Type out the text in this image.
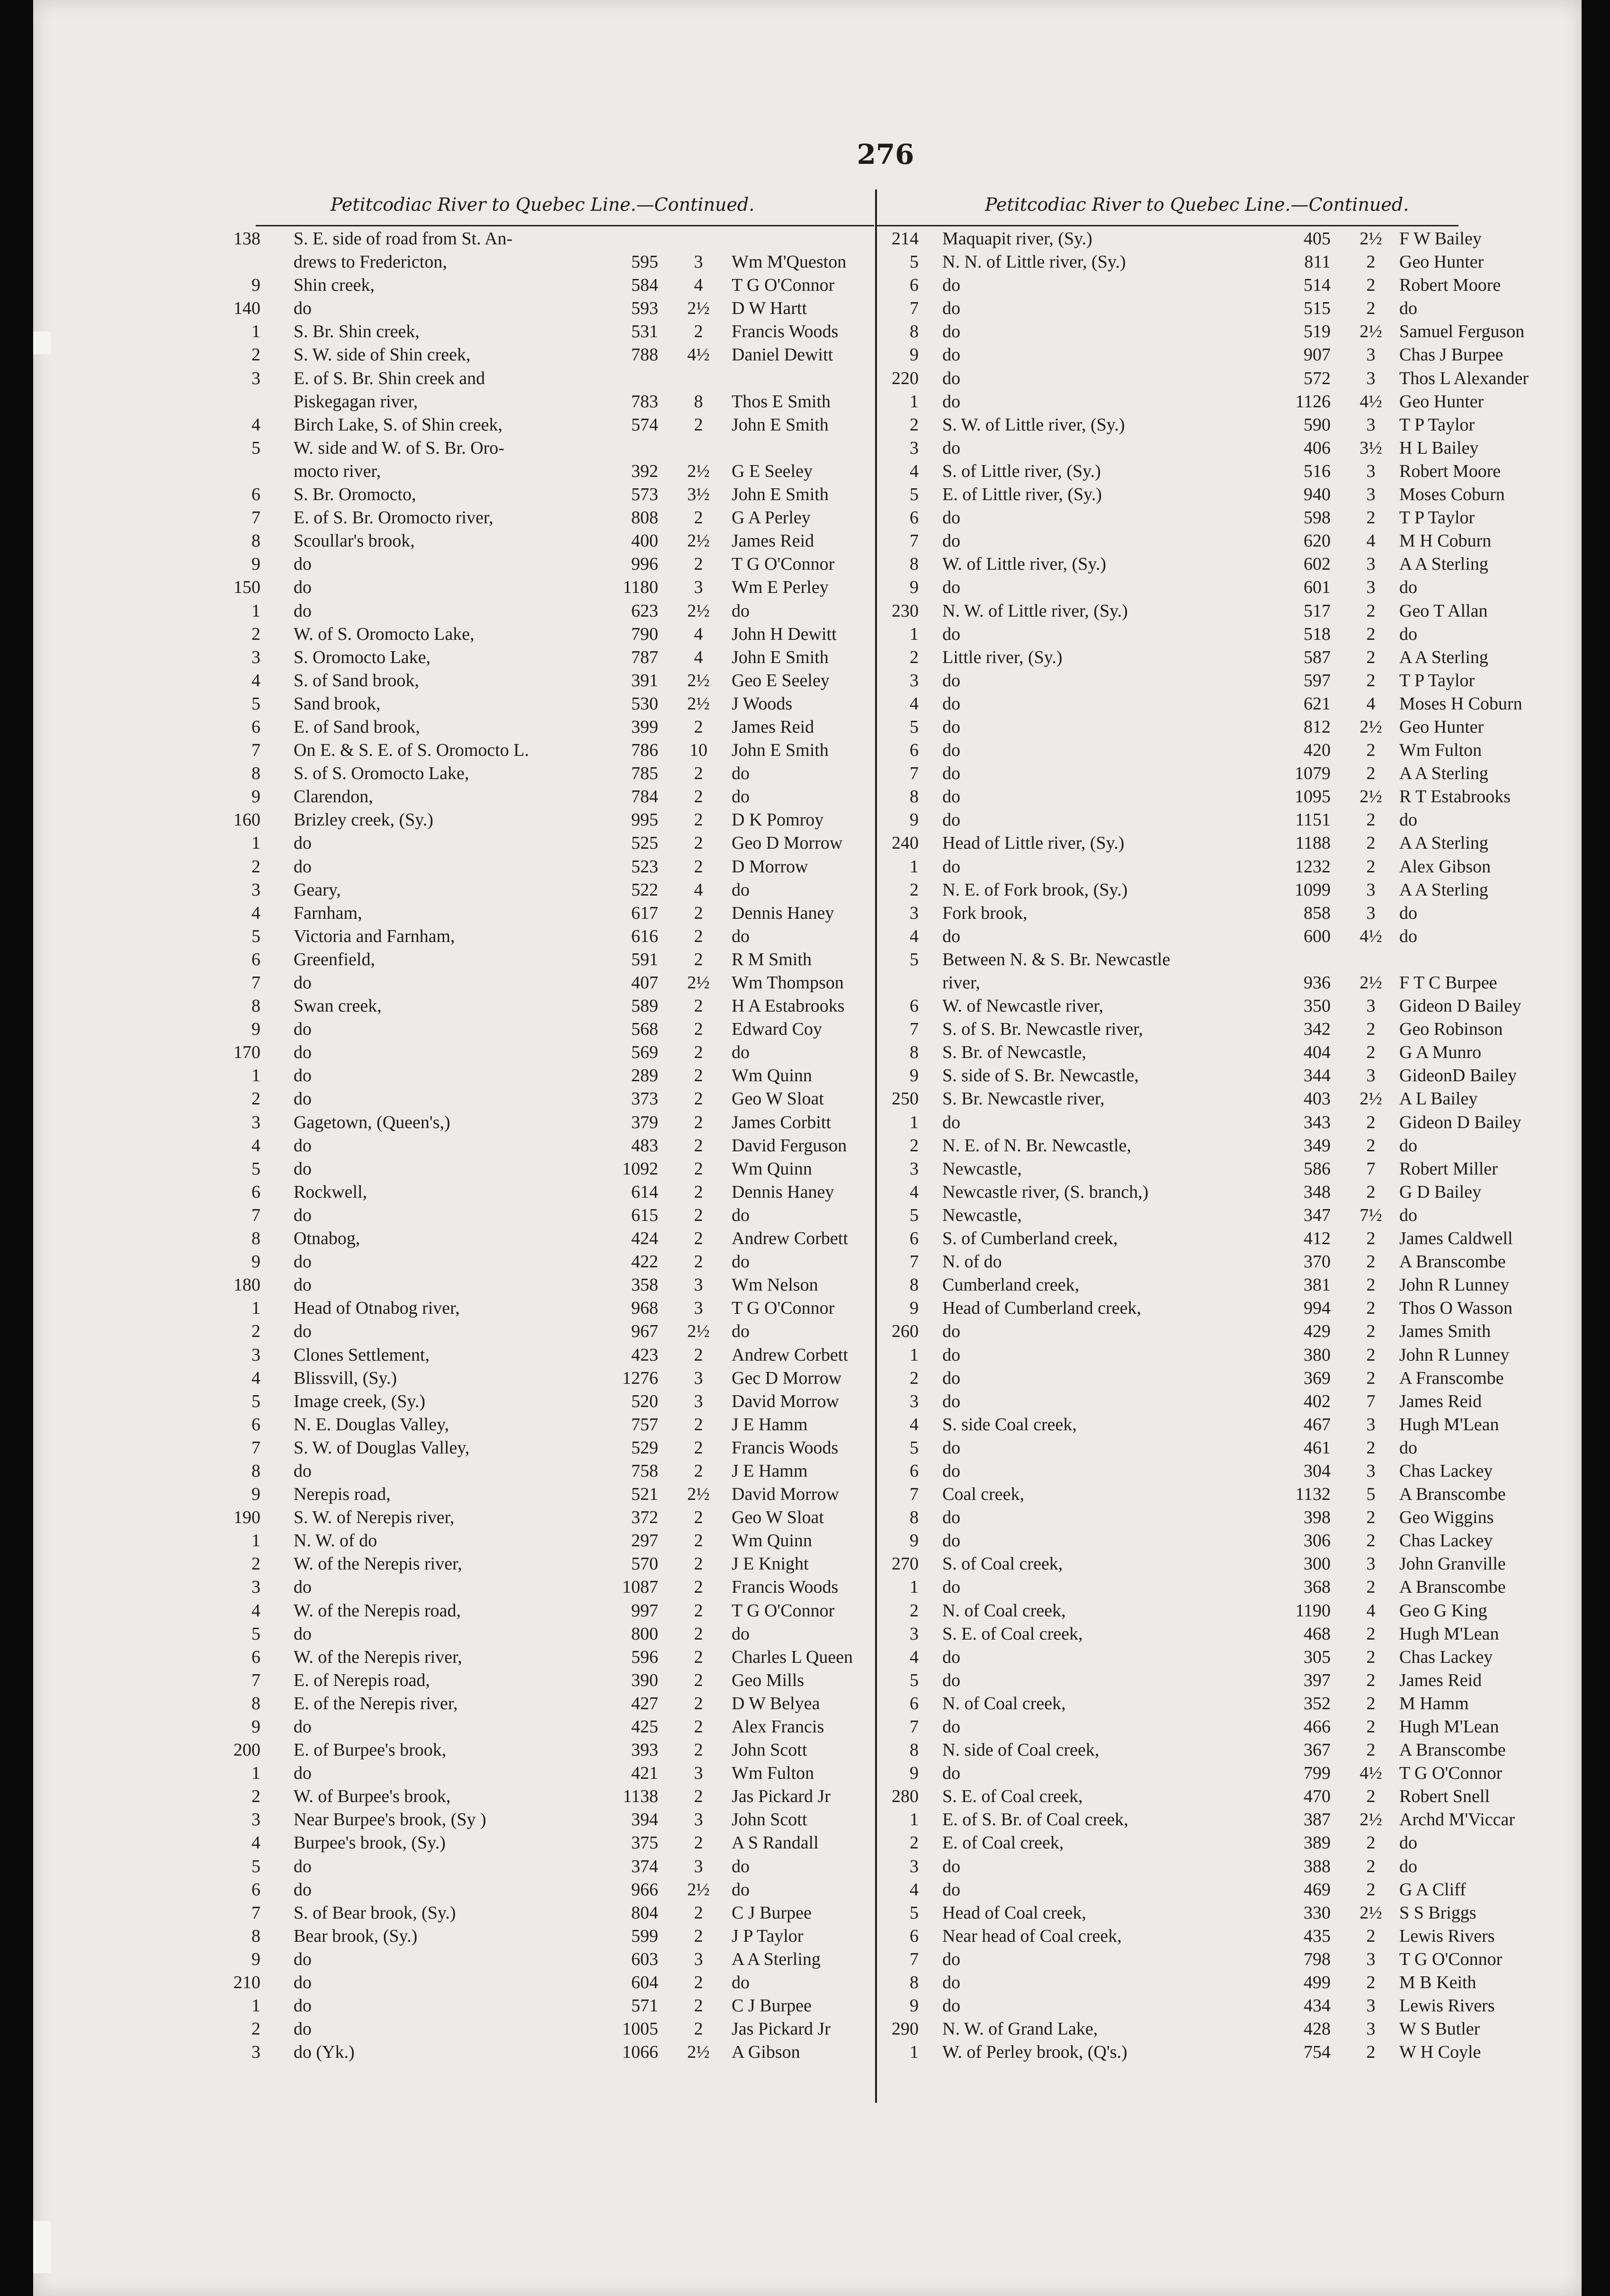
276
Petitcodiac River to Quebec Line.—Continued.	Petitcodiac River to Quebec Line.—Continued.
138 S. E. side of road from St. An-
drews to Fredericton,	595	3	Wm M'Queston
9 Shin creek,	584	4	T G O'Connor
140 do	593 2½ D W Hartt
1 S. Br. Shin creek,	531	2	Francis Woods
2 S. W. side of Shin creek,	788 4½ Daniel Dewitt
3 E. of S. Br. Shin creek and
Piskegagan river,	783	8	Thos E Smith
4 Birch Lake, S. of Shin creek,	574	2	John E Smith
5 W. side and W. of S. Br. Oro-
mocto river,	392 2½ G E Seeley
6 S. Br. Oromocto,	573 3½ John E Smith
7 E. of S. Br. Oromocto river,	808	2	G A Perley
8 Scoullar's brook,	400 2½ James Reid
9 do	996	2	T G O'Connor
150 do	1180	3	Wm E Perley
1 do	623 2½ do
2 W. of S. Oromocto Lake,	790	4	John H Dewitt
3 S. Oromocto Lake,	787	4	John E Smith
4 S. of Sand brook,	391 2½ Geo E Seeley
5 Sand brook,	530 2½ J Woods
6 E. of Sand brook,	399	2	James Reid
7 On E. & S. E. of S. Oromocto L.	786	10	John E Smith
8 S. of S. Oromocto Lake,	785	2	do
9 Clarendon,	784	2	do
160 Brizley creek, (Sy.)	995	2	D K Pomroy
1 do	525	2	Geo D Morrow
2 do	523	2	D Morrow
3 Geary,	522	4	do
4 Farnham,	617	2	Dennis Haney
5 Victoria and Farnham,	616	2	do
6 Greenfield,	591	2	R M Smith
7 do	407 2½ Wm Thompson
8 Swan creek,	589	2	H A Estabrooks
9 do	568	2	Edward Coy
170 do	569	2	do
1 do	289	2	Wm Quinn
2 do	373	2	Geo W Sloat
3 Gagetown, (Queen's,)	379	2	James Corbitt
4 do	483	2	David Ferguson
5 do	1092	2	Wm Quinn
6 Rockwell,	614	2	Dennis Haney
7 do	615	2	do
8 Otnabog,	424	2	Andrew Corbett
9 do	422	2	do
180 do	358	3	Wm Nelson
1 Head of Otnabog river,	968	3	T G O'Connor
2 do	967 2½ do
3 Clones Settlement,	423	2	Andrew Corbett
4 Blissvill, (Sy.)	1276	3	Gec D Morrow
5 Image creek, (Sy.)	520	3	David Morrow
6 N. E. Douglas Valley,	757	2	J E Hamm
7 S. W. of Douglas Valley,	529	2	Francis Woods
8 do	758	2	J E Hamm
9 Nerepis road,	521 2½ David Morrow
190 S. W. of Nerepis river,	372	2	Geo W Sloat
1 N. W. of do	297	2	Wm Quinn
2 W. of the Nerepis river,	570	2	J E Knight
3 do	1087	2	Francis Woods
4 W. of the Nerepis road,	997	2	T G O'Connor
5 do	800	2	do
6 W. of the Nerepis river,	596	2	Charles L Queen
7 E. of Nerepis road,	390	2	Geo Mills
8 E. of the Nerepis river,	427	2	D W Belyea
9 do	425	2	Alex Francis
200 E. of Burpee's brook,	393	2	John Scott
1 do	421	3	Wm Fulton
2 W. of Burpee's brook,	1138	2	Jas Pickard Jr
3 Near Burpee's brook, (Sy )	394	3	John Scott
4 Burpee's brook, (Sy.)	375	2	A S Randall
5 do	374	3	do
6 do	966 2½ do
7 S. of Bear brook, (Sy.)	804	2	C J Burpee
8 Bear brook, (Sy.)	599	2	J P Taylor
9 do	603	3	A A Sterling
210 do	604	2	do
1 do	571	2	C J Burpee
2 do	1005	2	Jas Pickard Jr
3 do (Yk.)	1066 2½ A Gibson
214 Maquapit river, (Sy.)	405 2½ F W Bailey
5 N. N. of Little river, (Sy.)	811	2	Geo Hunter
6 do	514	2	Robert Moore
7 do	515	2	do
8 do	519 2½ Samuel Ferguson
9 do	907	3	Chas J Burpee
220 do	572	3	Thos L Alexander
1 do	1126 4½ Geo Hunter
2 S. W. of Little river, (Sy.)	590	3	T P Taylor
3 do	406 3½ H L Bailey
4 S. of Little river, (Sy.)	516	3	Robert Moore
5 E. of Little river, (Sy.)	940	3	Moses Coburn
6 do	598	2	T P Taylor
7 do	620	4	M H Coburn
8 W. of Little river, (Sy.)	602	3	A A Sterling
9 do	601	3	do
230 N. W. of Little river, (Sy.)	517	2	Geo T Allan
1 do	518	2	do
2 Little river, (Sy.)	587	2	A A Sterling
3 do	597	2	T P Taylor
4 do	621	4	Moses H Coburn
5 do	812 2½ Geo Hunter
6 do	420	2	Wm Fulton
7 do	1079	2	A A Sterling
8 do	1095 2½ R T Estabrooks
9 do	1151	2	do
240 Head of Little river, (Sy.)	1188	2	A A Sterling
1 do	1232	2	Alex Gibson
2 N. E. of Fork brook, (Sy.)	1099	3	A A Sterling
3 Fork brook,	858	3	do
4 do	600 4½ do
5 Between N. & S. Br. Newcastle
river,	936 2½ F T C Burpee
6 W. of Newcastle river,	350	3	Gideon D Bailey
7 S. of S. Br. Newcastle river,	342	2	Geo Robinson
8 S. Br. of Newcastle,	404	2	G A Munro
9 S. side of S. Br. Newcastle,	344	3	GideonD Bailey
250 S. Br. Newcastle river,	403 2½ A L Bailey
1 do	343	2	Gideon D Bailey
2 N. E. of N. Br. Newcastle,	349	2	do
3 Newcastle,	586	7	Robert Miller
4 Newcastle river, (S. branch,)	348	2	G D Bailey
5 Newcastle,	347 7½ do
6 S. of Cumberland creek,	412	2	James Caldwell
7 N. of do	370	2	A Branscombe
8 Cumberland creek,	381	2	John R Lunney
9 Head of Cumberland creek,	994	2	Thos O Wasson
260 do	429	2	James Smith
1 do	380	2	John R Lunney
2 do	369	2	A Franscombe
3 do	402	7	James Reid
4 S. side Coal creek,	467	3	Hugh M'Lean
5 do	461	2	do
6 do	304	3	Chas Lackey
7 Coal creek,	1132	5	A Branscombe
8 do	398	2	Geo Wiggins
9 do	306	2	Chas Lackey
270 S. of Coal creek,	300	3	John Granville
1 do	368	2	A Branscombe
2 N. of Coal creek,	1190	4	Geo G King
3 S. E. of Coal creek,	468	2	Hugh M'Lean
4 do	305	2	Chas Lackey
5 do	397	2	James Reid
6 N. of Coal creek,	352	2	M Hamm
7 do	466	2	Hugh M'Lean
8 N. side of Coal creek,	367	2	A Branscombe
9 do	799 4½ T G O'Connor
280 S. E. of Coal creek,	470	2	Robert Snell
1 E. of S. Br. of Coal creek,	387 2½ Archd M'Viccar
2 E. of Coal creek,	389	2	do
3 do	388	2	do
4 do	469	2	G A Cliff
5 Head of Coal creek,	330 2½ S S Briggs
6 Near head of Coal creek,	435	2	Lewis Rivers
7 do	798	3	T G O'Connor
8 do	499	2	M B Keith
9 do	434	3	Lewis Rivers
290 N. W. of Grand Lake,	428	3	W S Butler
1 W. of Perley brook, (Q's.)	754	2	W H Coyle
